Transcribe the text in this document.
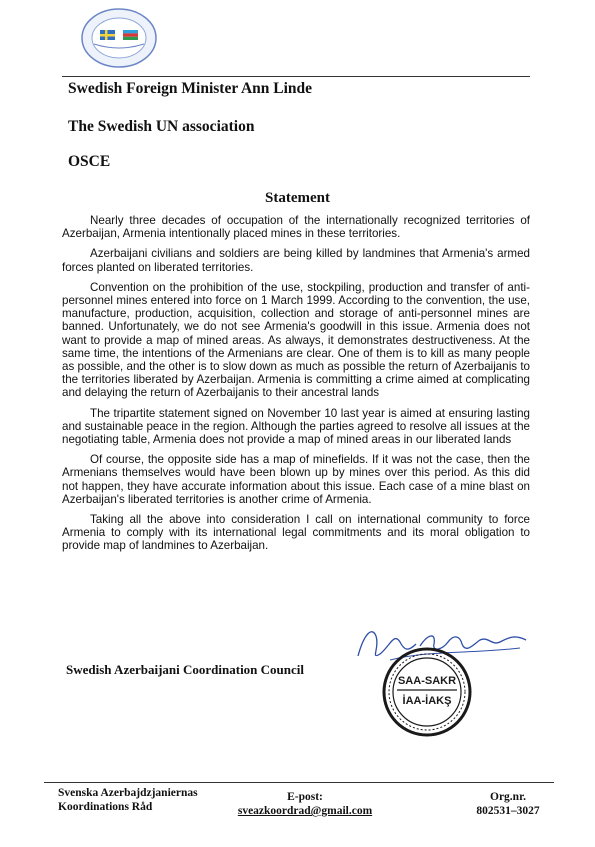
Swedish Foreign Minister Ann Linde
The Swedish UN association
OSCE
Statement

Nearly three decades of occupation of the internationally recognized territories of Azerbaijan, Armenia intentionally placed mines in these territories.

Azerbaijani civilians and soldiers are being killed by landmines that Armenia's armed forces planted on liberated territories.

Convention on the prohibition of the use, stockpiling, production and transfer of anti-personnel mines entered into force on 1 March 1999. According to the convention, the use, manufacture, production, acquisition, collection and storage of anti-personnel mines are banned. Unfortunately, we do not see Armenia's goodwill in this issue. Armenia does not want to provide a map of mined areas. As always, it demonstrates destructiveness. At the same time, the intentions of the Armenians are clear. One of them is to kill as many people as possible, and the other is to slow down as much as possible the return of Azerbaijanis to the territories liberated by Azerbaijan. Armenia is committing a crime aimed at complicating and delaying the return of Azerbaijanis to their ancestral lands

The tripartite statement signed on November 10 last year is aimed at ensuring lasting and sustainable peace in the region. Although the parties agreed to resolve all issues at the negotiating table, Armenia does not provide a map of mined areas in our liberated lands

Of course, the opposite side has a map of minefields. If it was not the case, then the Armenians themselves would have been blown up by mines over this period. As this did not happen, they have accurate information about this issue. Each case of a mine blast on Azerbaijan's liberated territories is another crime of Armenia.

Taking all the above into consideration I call on international community to force Armenia to comply with its international legal commitments and its moral obligation to provide map of landmines to Azerbaijan.

Swedish Azerbaijani Coordination Council
SAA-SAKR
İAA-İAKŞ
Svenska Azerbajdzjaniernas
Koordinations Råd
E-post:
sveazkoordrad@gmail.com
Org.nr.
802531–3027
